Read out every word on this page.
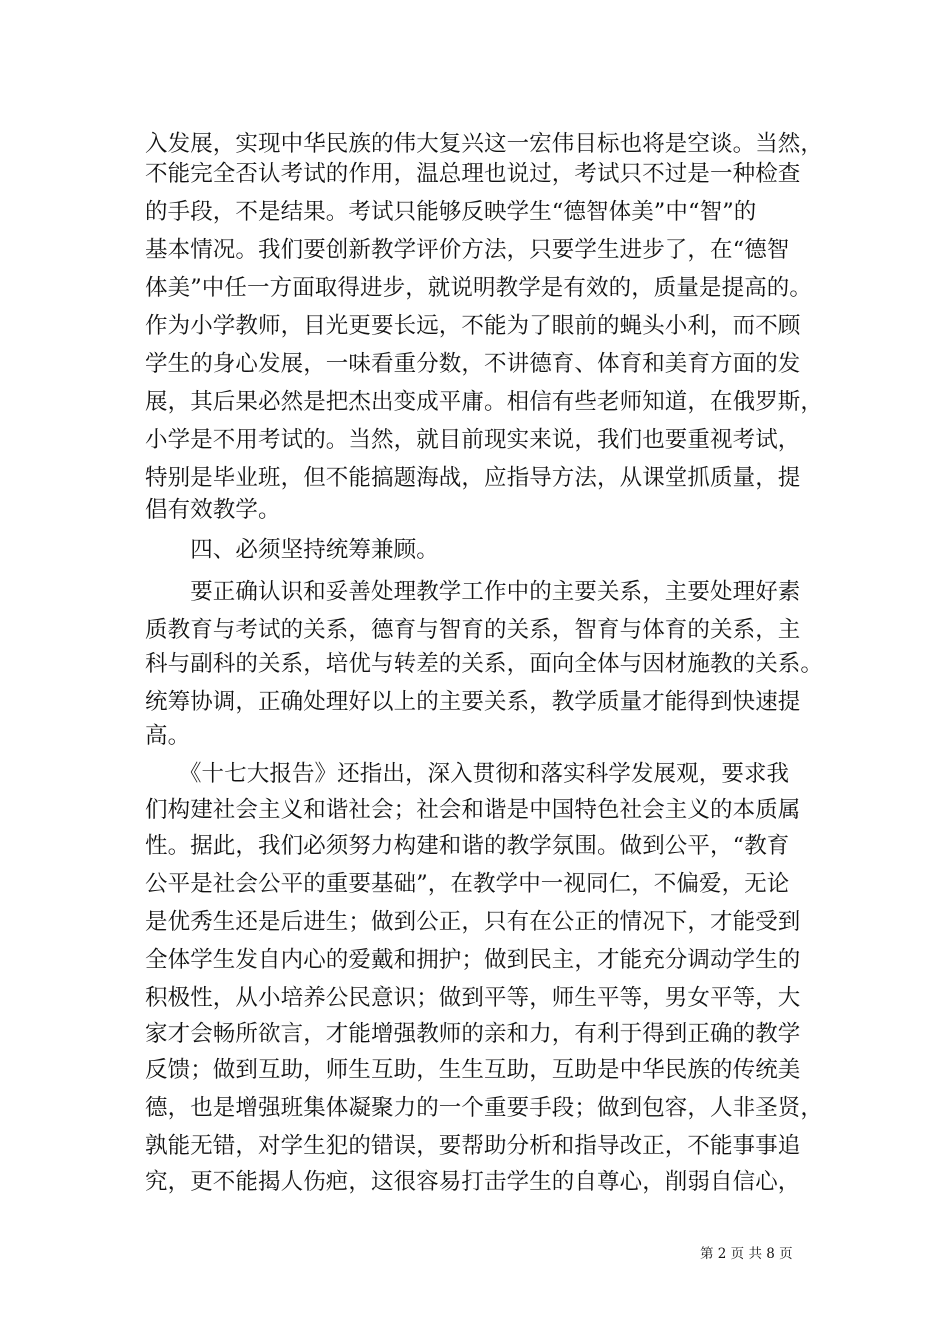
入发展，实现中华民族的伟大复兴这一宏伟目标也将是空谈。当然，
不能完全否认考试的作用，温总理也说过，考试只不过是一种检查
的手段，不是结果。考试只能够反映学生“德智体美”中“智”的
基本情况。我们要创新教学评价方法，只要学生进步了，在“德智
体美”中任一方面取得进步，就说明教学是有效的，质量是提高的。
作为小学教师，目光更要长远，不能为了眼前的蝇头小利，而不顾
学生的身心发展，一味看重分数，不讲德育、体育和美育方面的发
展，其后果必然是把杰出变成平庸。相信有些老师知道，在俄罗斯，
小学是不用考试的。当然，就目前现实来说，我们也要重视考试，
特别是毕业班，但不能搞题海战，应指导方法，从课堂抓质量，提
倡有效教学。
　　四、必须坚持统筹兼顾。
　　要正确认识和妥善处理教学工作中的主要关系，主要处理好素
质教育与考试的关系，德育与智育的关系，智育与体育的关系，主
科与副科的关系，培优与转差的关系，面向全体与因材施教的关系。
统筹协调，正确处理好以上的主要关系，教学质量才能得到快速提
高。
　　《十七大报告》还指出，深入贯彻和落实科学发展观，要求我
们构建社会主义和谐社会；社会和谐是中国特色社会主义的本质属
性。据此，我们必须努力构建和谐的教学氛围。做到公平，“教育
公平是社会公平的重要基础”，在教学中一视同仁，不偏爱，无论
是优秀生还是后进生；做到公正，只有在公正的情况下，才能受到
全体学生发自内心的爱戴和拥护；做到民主，才能充分调动学生的
积极性，从小培养公民意识；做到平等，师生平等，男女平等，大
家才会畅所欲言，才能增强教师的亲和力，有利于得到正确的教学
反馈；做到互助，师生互助，生生互助，互助是中华民族的传统美
德，也是增强班集体凝聚力的一个重要手段；做到包容，人非圣贤，
孰能无错，对学生犯的错误，要帮助分析和指导改正，不能事事追
究，更不能揭人伤疤，这很容易打击学生的自尊心，削弱自信心，
第 2 页 共 8 页
